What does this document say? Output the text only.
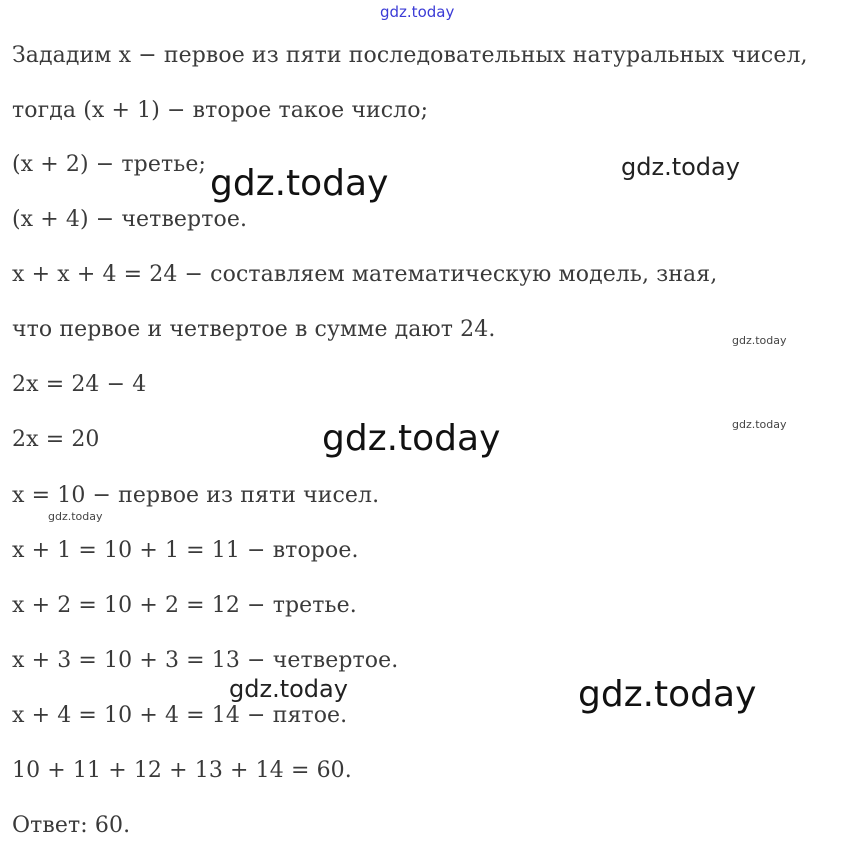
gdz.today
Зададим x − первое из пяти последовательных натуральных чисел,
тогда (x + 1) − второе такое число;
(x + 2) − третье;
(x + 4) − четвертое.
x + x + 4 = 24 − составляем математическую модель, зная,
что первое и четвертое в сумме дают 24.
2x = 24 − 4
2x = 20
x = 10 − первое из пяти чисел.
x + 1 = 10 + 1 = 11 − второе.
x + 2 = 10 + 2 = 12 − третье.
x + 3 = 10 + 3 = 13 − четвертое.
x + 4 = 10 + 4 = 14 − пятое.
10 + 11 + 12 + 13 + 14 = 60.
Ответ: 60.
gdz.today	gdz.today
gdz.today
gdz.today
gdz.today
gdz.today
gdz.today	gdz.today
